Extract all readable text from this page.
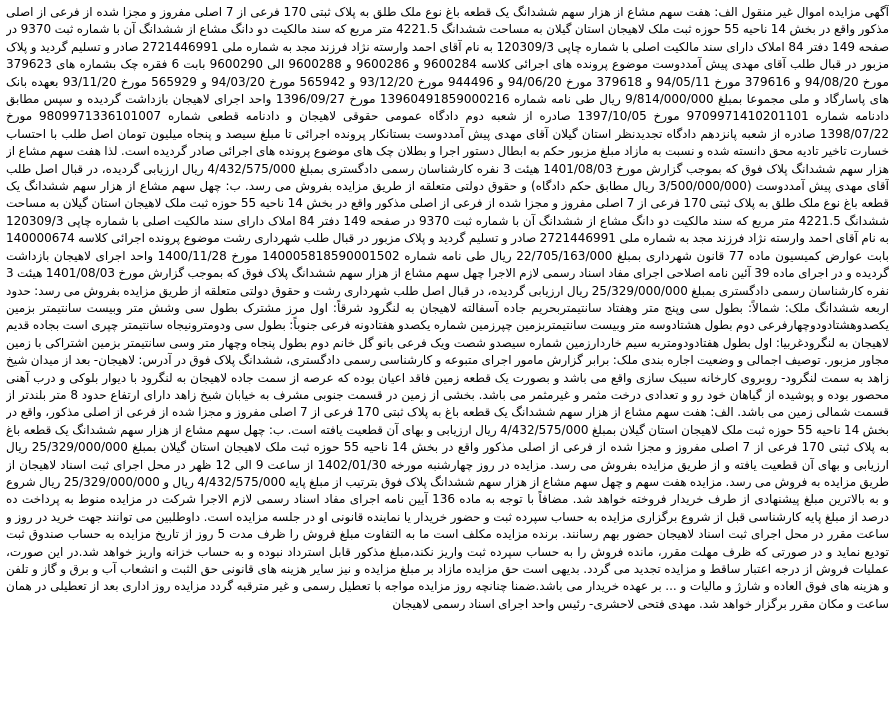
آگهی مزایده اموال غیر منقول الف: هفت سهم مشاع از هزار سهم ششدانگ یک قطعه باغ نوع ملک طلق به پلاک ثبتی 170 فرعی از 7 اصلی مفروز و مجزا شده از فرعی از اصلی مذکور واقع در بخش 14 ناحیه 55 حوزه ثبت ملک لاهیجان استان گیلان به مساحت ششدانگ 4221.5 متر مربع که سند مالکیت دو دانگ مشاع از ششدانگ آن با شماره ثبت 9370 در صفحه 149 دفتر 84 املاک دارای سند مالکیت اصلی با شماره چاپی 120309/3 به نام آقای احمد وارسته نژاد فرزند مجد به شماره ملی 2721446991 صادر و تسلیم گردید و پلاک مزبور در قبال طلب آقای مهدی پیش آمددوست موضوع پرونده های اجرائی کلاسه 9600284 و 9600286 و 9600288 الی 9600290 بابت 6 فقره چک بشماره های 379623 مورخ 94/08/20 و 379616 مورخ 94/05/11 و 379618 مورخ 94/06/20 و 944496 مورخ 93/12/20 و 565942 مورخ 94/03/20 و 565929 مورخ 93/11/20 بعهده بانک های پاسارگاد و ملی مجموعا بمبلغ 9/814/000/000 ریال طی نامه شماره 13960491859000216 مورخ 1396/09/27 واحد اجرای لاهیجان بازداشت گردیده و سپس مطابق دادنامه شماره 9709971410201101 مورخ 1397/10/05 صادره از شعبه دوم دادگاه عمومی حقوقی لاهیجان و دادنامه قطعی شماره 9809971336101007 مورخ 1398/07/22 صادره از شعبه پانزدهم دادگاه تجدیدنظر استان گیلان آقای مهدی پیش آمددوست بستانکار پرونده اجرائی تا مبلغ سیصد و پنجاه میلیون تومان اصل طلب با احتساب خسارت تاخیر تادیه محق دانسته شده و نسبت به مازاد مبلغ مزبور حکم به ابطال دستور اجرا و بطلان چک های موضوع پرونده های اجرائی صادر گردیده است. لذا هفت سهم مشاع از هزار سهم ششدانگ پلاک فوق که بموجب گزارش مورخ 1401/08/03 هیئت 3 نفره کارشناسان رسمی دادگستری بمبلغ 4/432/575/000 ریال ارزیابی گردیده، در قبال اصل طلب آقای مهدی پیش آمددوست (3/500/000/000 ریال مطابق حکم دادگاه) و حقوق دولتی متعلقه از طریق مزایده بفروش می رسد. ب: چهل سهم مشاع از هزار سهم ششدانگ یک قطعه باغ نوع ملک طلق به پلاک ثبتی 170 فرعی از 7 اصلی مفروز و مجزا شده از فرعی از اصلی مذکور واقع در بخش 14 ناحیه 55 حوزه ثبت ملک لاهیجان استان گیلان به مساحت ششدانگ 4221.5 متر مربع که سند مالکیت دو دانگ مشاع از ششدانگ آن با شماره ثبت 9370 در صفحه 149 دفتر 84 املاک دارای سند مالکیت اصلی با شماره چاپی 120309/3 به نام آقای احمد وارسته نژاد فرزند مجد به شماره ملی 2721446991 صادر و تسلیم گردید و پلاک مزبور در قبال طلب شهرداری رشت موضوع پرونده اجرائی کلاسه 140000674 بابت عوارض کمیسیون ماده 77 قانون شهرداری بمبلغ 22/705/163/000 ریال طی نامه شماره 140005818590001502 مورخ 1400/11/28 واحد اجرای لاهیجان بازداشت گردیده و در اجرای ماده 39 آئین نامه اصلاحی اجرای مفاد اسناد رسمی لازم الاجرا چهل سهم مشاع از هزار سهم ششدانگ پلاک فوق که بموجب گزارش مورخ 1401/08/03 هیئت 3 نفره کارشناسان رسمی دادگستری بمبلغ 25/329/000/000 ریال ارزیابی گردیده، در قبال اصل طلب شهرداری رشت و حقوق دولتی متعلقه از طریق مزایده بفروش می رسد: حدود اربعه ششدانگ ملک: شمالاً: بطول سی وپنج متر وهفتاد سانتیمتربحریم جاده آسفالته لاهیجان به لنگرود شرقاً: اول مرز مشترک بطول سی وشش متر وبیست سانتیمتر بزمین یکصدوهشتادودوچهارفرعی دوم بطول هشتادوسه متر وبیست سانتیمتربزمین چپرزمین شماره یکصدو هفتادونه فرعی جنوباً: بطول سی ودومترونیجاه سانتیمتر چپری است بجاده قدیم لاهیجان به لنگرودغربیا: اول بطول هفتادودومتربه سیم خاردارزمین شماره سیصدو شصت ویک فرعی بانو گل خانم دوم بطول پنجاه وچهار متر وسی سانتیمتر بزمین اشتراکی با زمین مجاور مزبور. توصیف اجمالی و وضعیت اجاره بندی ملک: برابر گزارش مامور اجرای متبوعه و کارشناسی رسمی دادگستری، ششدانگ پلاک فوق در آدرس: لاهیجان- بعد از میدان شیخ زاهد به سمت لنگرود- روبروی کارخانه سیبک سازی واقع می باشد و بصورت یک قطعه زمین فاقد اعیان بوده که عرصه از سمت جاده لاهیجان به لنگرود با دیوار بلوکی و درب آهنی محصور بوده و پوشیده از گیاهان خود رو و تعدادی درخت مثمر و غیرمثمر می باشد. بخشی از زمین در قسمت جنوبی مشرف به خیابان شیخ زاهد دارای ارتفاع حدود 8 متر بلندتر از قسمت شمالی زمین می باشد. الف: هفت سهم مشاع از هزار سهم ششدانگ یک قطعه باغ به پلاک ثبتی 170 فرعی از 7 اصلی مفروز و مجزا شده از فرعی از اصلی مذکور، واقع در بخش 14 ناحیه 55 حوزه ثبت ملک لاهیجان استان گیلان بمبلغ 4/432/575/000 ریال ارزیابی و بهای آن قطعیت یافته است. ب: چهل سهم مشاع از هزار سهم ششدانگ یک قطعه باغ به پلاک ثبتی 170 فرعی از 7 اصلی مفروز و مجزا شده از فرعی از اصلی مذکور واقع در بخش 14 ناحیه 55 حوزه ثبت ملک لاهیجان استان گیلان بمبلغ 25/329/000/000 ریال ارزیابی و بهای آن قطعیت یافته و از طریق مزایده بفروش می رسد. مزایده در روز چهارشنبه مورخه 1402/01/30 از ساعت 9 الی 12 ظهر در محل اجرای ثبت اسناد لاهیجان از طریق مزایده به فروش می رسد. مزایده هفت سهم و چهل سهم مشاع از هزار سهم ششدانگ پلاک فوق بترتیب از مبلغ پایه 4/432/575/000 ریال و 25/329/000/000 ریال شروع و به بالاترین مبلغ پیشنهادی از طرف خریدار فروخته خواهد شد. مضافاً با توجه به ماده 136 آیین نامه اجرای مفاد اسناد رسمی لازم الاجرا شرکت در مزایده منوط به پرداخت ده درصد از مبلغ پایه کارشناسی قبل از شروع برگزاری مزایده به حساب سپرده ثبت و حضور خریدار یا نماینده قانونی او در جلسه مزایده است. داوطلبین می توانند جهت خرید در روز و ساعت مقرر در محل اجرای ثبت اسناد لاهیجان حضور بهم رسانند. برنده مزایده مکلف است ما به التفاوت مبلغ فروش را ظرف مدت 5 روز از تاریخ مزایده به حساب صندوق ثبت تودیع نماید و در صورتی که ظرف مهلت مقرر، مانده فروش را به حساب سپرده ثبت واریز نکند،مبلغ مذکور قابل استرداد نبوده و به حساب خزانه واریز خواهد شد.در این صورت، عملیات فروش از درجه اعتبار ساقط و مزایده تجدید می گردد. بدیهی است حق مزایده مازاد بر مبلغ مزایده و نیز سایر هزینه های قانونی حق الثبت و انشعاب آب و برق و گاز و تلفن و هزینه های فوق العاده و شارژ و مالیات و ... بر عهده خریدار می باشد.ضمنا چنانچه روز مزایده مواجه با تعطیل رسمی و غیر مترقبه گردد مزایده روز اداری بعد از تعطیلی در همان ساعت و مکان مقرر برگزار خواهد شد. مهدی فتحی لاحشری- رئیس واحد اجرای اسناد رسمی لاهیجان
